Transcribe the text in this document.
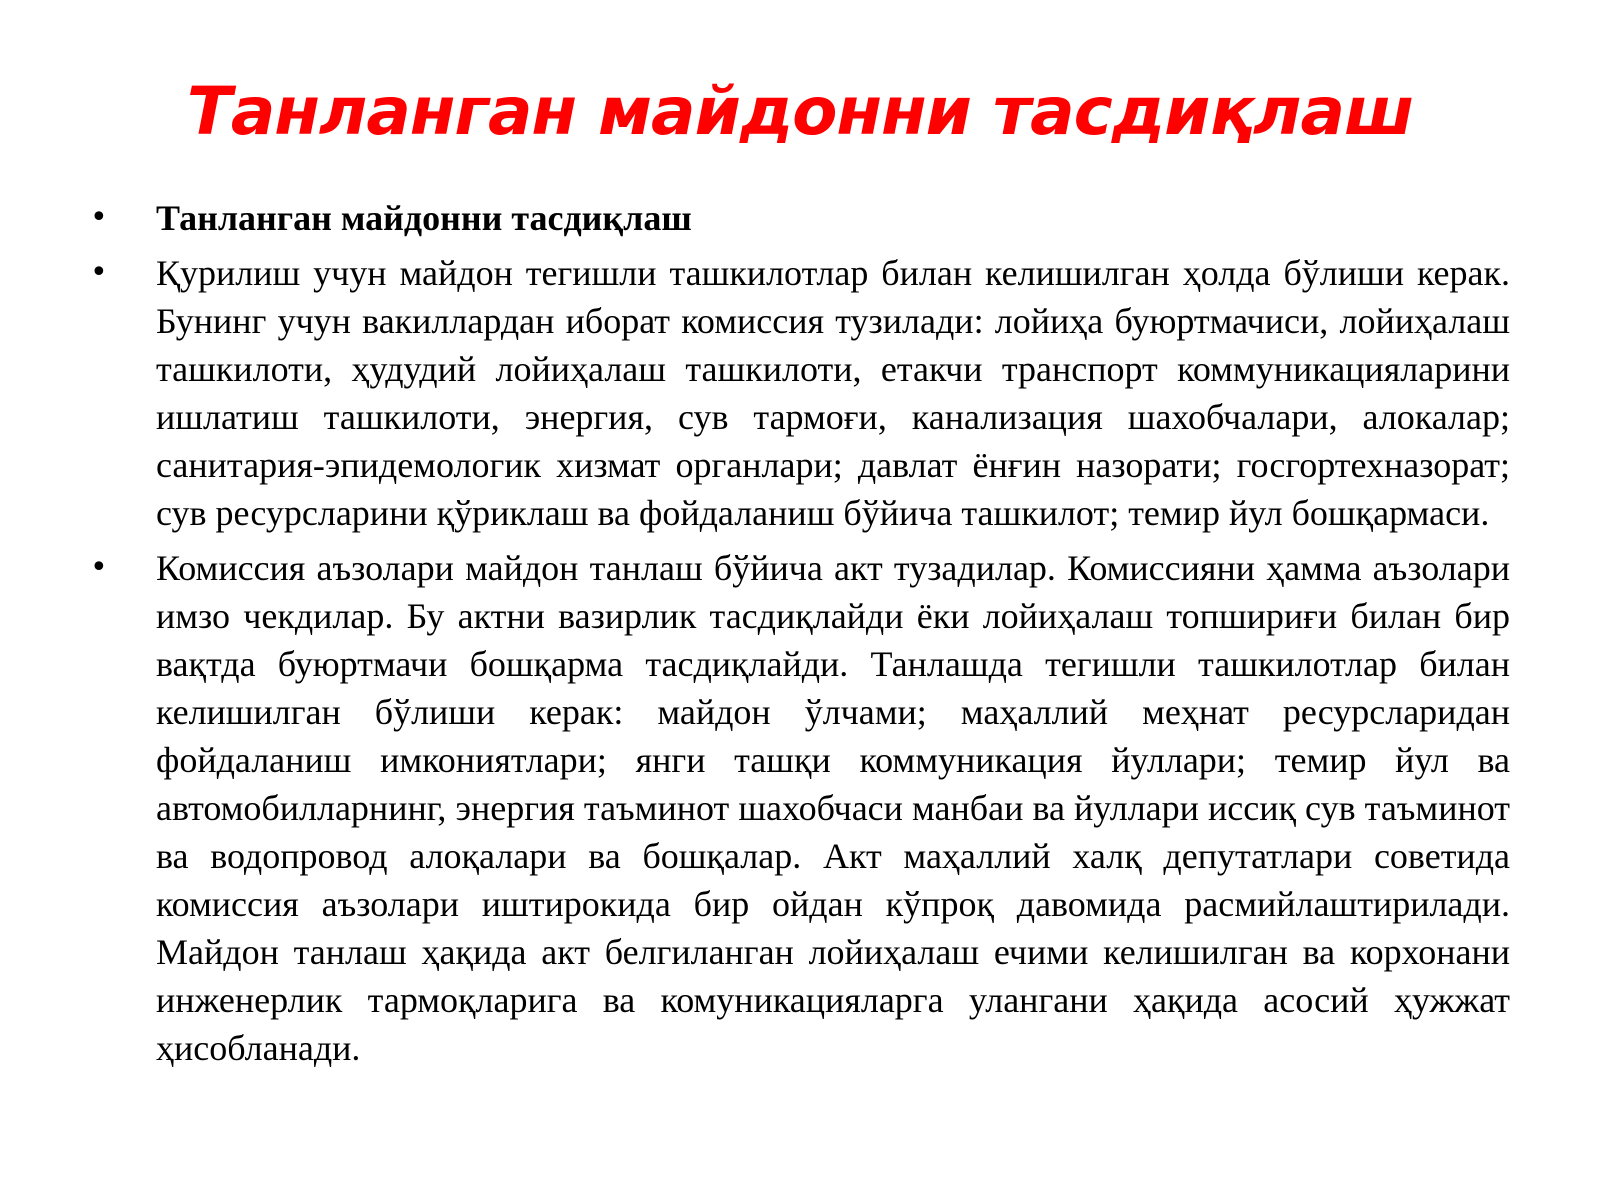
Танланган майдонни тасдиқлаш
•	Танланган майдонни тасдиқлаш
•	Қурилиш учун майдон тегишли ташкилотлар билан келишилган ҳолда бўлиши керак. Бунинг учун вакиллардан иборат комиссия тузилади: лойиҳа буюртмачиси, лойиҳалаш ташкилоти, ҳудудий лойиҳалаш ташкилоти, етакчи транспорт коммуникацияларини ишлатиш ташкилоти, энергия, сув тармоғи, канализация шахобчалари, алокалар; санитария-эпидемологик хизмат органлари; давлат ёнғин назорати; госгортехназорат; сув ресурсларини қўриклаш ва фойдаланиш бўйича ташкилот; темир йул бошқармаси.
•	Комиссия аъзолари майдон танлаш бўйича акт тузадилар. Комиссияни ҳамма аъзолари имзо чекдилар. Бу актни вазирлик тасдиқлайди ёки лойиҳалаш топшириғи билан бир вақтда буюртмачи бошқарма тасдиқлайди. Танлашда тегишли ташкилотлар билан келишилган бўлиши керак: майдон ўлчами; маҳаллий меҳнат ресурсларидан фойдаланиш имкониятлари; янги ташқи коммуникация йуллари; темир йул ва автомобилларнинг, энергия таъминот шахобчаси манбаи ва йуллари иссиқ сув таъминот ва водопровод алоқалари ва бошқалар. Акт маҳаллий халқ депутатлари советида комиссия аъзолари иштирокида бир ойдан кўпроқ давомида расмийлаштирилади. Майдон танлаш ҳақида акт белгиланган лойиҳалаш ечими келишилган ва корхонани инженерлик тармоқларига ва комуникацияларга улангани ҳақида асосий ҳужжат ҳисобланади.
